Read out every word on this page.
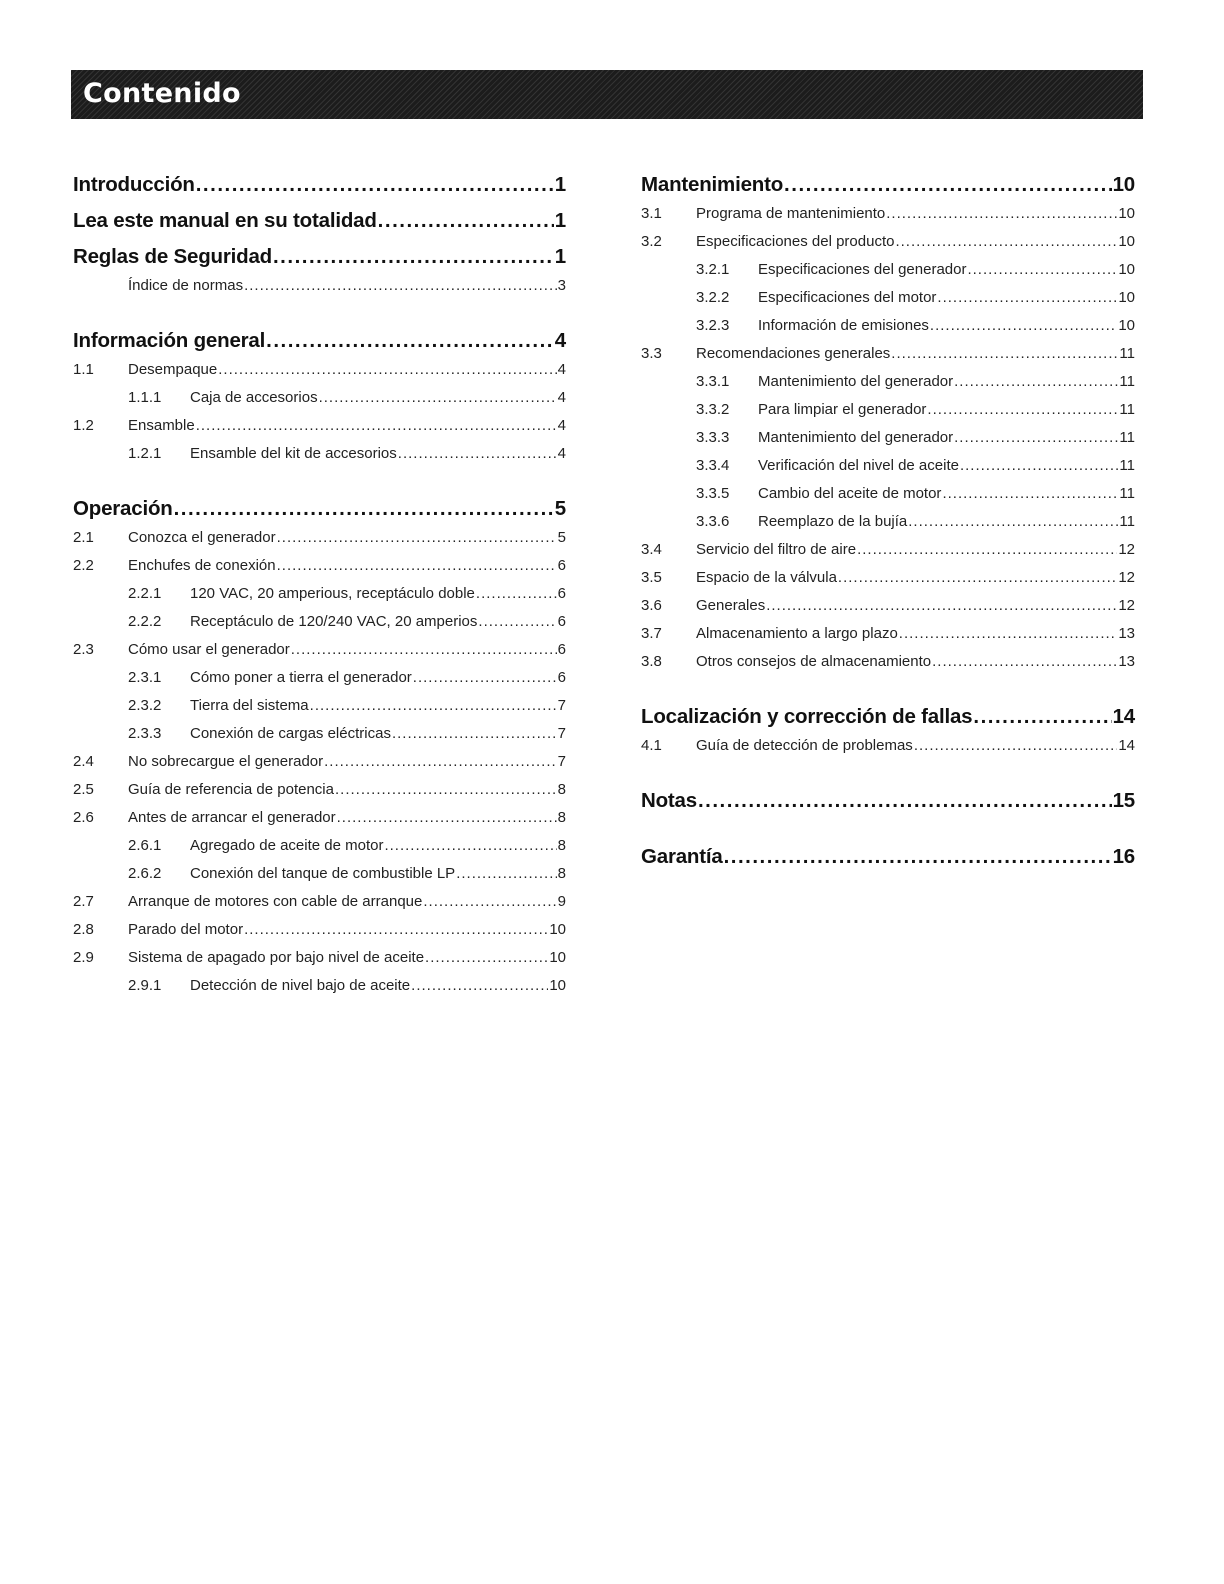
Contenido
Introducción .....	1
Lea este manual en su totalidad .....	1
Reglas de Seguridad .....	1
Índice de normas .....	3
Información general .....	4
1.1	Desempaque .....	4
1.1.1	Caja de accesorios .....	4
1.2	Ensamble .....	4
1.2.1	Ensamble del kit de accesorios .....	4
Operación .....	5
2.1	Conozca el generador .....	5
2.2	Enchufes de conexión .....	6
2.2.1	120 VAC, 20 amperious, receptáculo doble .....	6
2.2.2	Receptáculo de 120/240 VAC, 20 amperios .....	6
2.3	Cómo usar el generador .....	6
2.3.1	Cómo poner a tierra el generador .....	6
2.3.2	Tierra del sistema .....	7
2.3.3	Conexión de cargas eléctricas .....	7
2.4	No sobrecargue el generador .....	7
2.5	Guía de referencia de potencia .....	8
2.6	Antes de arrancar el generador .....	8
2.6.1	Agregado de aceite de motor .....	8
2.6.2	Conexión del tanque de combustible LP .....	8
2.7	Arranque de motores con cable de arranque .....	9
2.8	Parado del motor .....	10
2.9	Sistema de apagado por bajo nivel de aceite .....	10
2.9.1	Detección de nivel bajo de aceite .....	10
Mantenimiento .....	10
3.1	Programa de mantenimiento .....	10
3.2	Especificaciones del producto .....	10
3.2.1	Especificaciones del generador .....	10
3.2.2	Especificaciones del motor .....	10
3.2.3	Información de emisiones .....	10
3.3	Recomendaciones generales .....	11
3.3.1	Mantenimiento del generador .....	11
3.3.2	Para limpiar el generador .....	11
3.3.3	Mantenimiento del generador .....	11
3.3.4	Verificación del nivel de aceite .....	11
3.3.5	Cambio del aceite de motor .....	11
3.3.6	Reemplazo de la bujía .....	11
3.4	Servicio del filtro de aire .....	12
3.5	Espacio de la válvula .....	12
3.6	Generales .....	12
3.7	Almacenamiento a largo plazo .....	13
3.8	Otros consejos de almacenamiento .....	13
Localización y corrección de fallas .....	14
4.1	Guía de detección de problemas .....	14
Notas .....	15
Garantía .....	16
